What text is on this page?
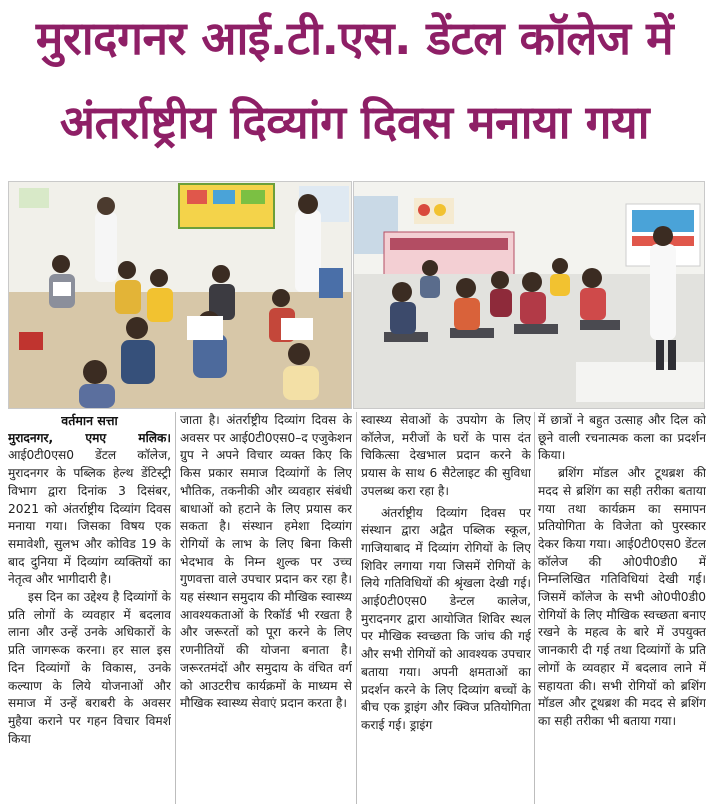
मुरादगनर आई.टी.एस. डेंटल कॉलेज में
अंतर्राष्ट्रीय दिव्यांग दिवस मनाया गया
वर्तमान सत्ता

मुरादनगर, एमए मलिक। आई0टी0एस0 डेंटल कॉलेज, मुरादनगर के पब्लिक हेल्थ डेंटिस्ट्री विभाग द्वारा दिनांक 3 दिसंबर, 2021 को अंतर्राष्ट्रीय दिव्यांग दिवस मनाया गया। जिसका विषय एक समावेशी, सुलभ और कोविड 19 के बाद दुनिया में दिव्यांग व्यक्तियों का नेतृत्व और भागीदारी है।

इस दिन का उद्देश्य है दिव्यांगों के प्रति लोगों के व्यवहार में बदलाव लाना और उन्हें उनके अधिकारों के प्रति जागरूक करना। हर साल इस दिन दिव्यांगों के विकास, उनके कल्याण के लिये योजनाओं और समाज में उन्हें बराबरी के अवसर मुहैया कराने पर गहन विचार विमर्श किया

जाता है। अंतर्राष्ट्रीय दिव्यांग दिवस के अवसर पर आई0टी0एस0–द एजुकेशन ग्रुप ने अपने विचार व्यक्त किए कि किस प्रकार समाज दिव्यांगों के लिए भौतिक, तकनीकी और व्यवहार संबंधी बाधाओं को हटाने के लिए प्रयास कर सकता है। संस्थान हमेशा दिव्यांग रोगियों के लाभ के लिए बिना किसी भेदभाव के निम्न शुल्क पर उच्च गुणवत्ता वाले उपचार प्रदान कर रहा है। यह संस्थान समुदाय की मौखिक स्वास्थ्य आवश्यकताओं के रिकॉर्ड भी रखता है और जरूरतों को पूरा करने के लिए रणनीतियों की योजना बनाता है। जरूरतमंदों और समुदाय के वंचित वर्ग को आउटरीच कार्यक्रमों के माध्यम से मौखिक स्वास्थ्य सेवाएं प्रदान करता है।

स्वास्थ्य सेवाओं के उपयोग के लिए कॉलेज, मरीजों के घरों के पास दंत चिकित्सा देखभाल प्रदान करने के प्रयास के साथ 6 सैटेलाइट की सुविधा उपलब्ध करा रहा है।

अंतर्राष्ट्रीय दिव्यांग दिवस पर संस्थान द्वारा अद्वैत पब्लिक स्कूल, गाजियाबाद में दिव्यांग रोगियों के लिए शिविर लगाया गया जिसमें रोगियों के लिये गतिविधियों की श्रृंखला देखी गई। आई0टी0एस0 डेन्टल कालेज, मुरादनगर द्वारा आयोजित शिविर स्थल पर मौखिक स्वच्छता कि जांच की गई और सभी रोगियों को आवश्यक उपचार बताया गया। अपनी क्षमताओं का प्रदर्शन करने के लिए दिव्यांग बच्चों के बीच एक ड्राइंग और क्विज प्रतियोगिता कराई गई। ड्राइंग

में छात्रों ने बहुत उत्साह और दिल को छूने वाली रचनात्मक कला का प्रदर्शन किया।

ब्रशिंग मॉडल और टूथब्रश की मदद से ब्रशिंग का सही तरीका बताया गया तथा कार्यक्रम का समापन प्रतियोगिता के विजेता को पुरस्कार देकर किया गया। आई0टी0एस0 डेंटल कॉलेज की ओ0पी0डी0 में निम्नलिखित गतिविधियां देखी गई। जिसमें कॉलेज के सभी ओ0पी0डी0 रोगियों के लिए मौखिक स्वच्छता बनाए रखने के महत्व के बारे में उपयुक्त जानकारी दी गई तथा दिव्यांगों के प्रति लोगों के व्यवहार में बदलाव लाने में सहायता की। सभी रोगियों को ब्रशिंग मॉडल और टूथब्रश की मदद से ब्रशिंग का सही तरीका भी बताया गया।
